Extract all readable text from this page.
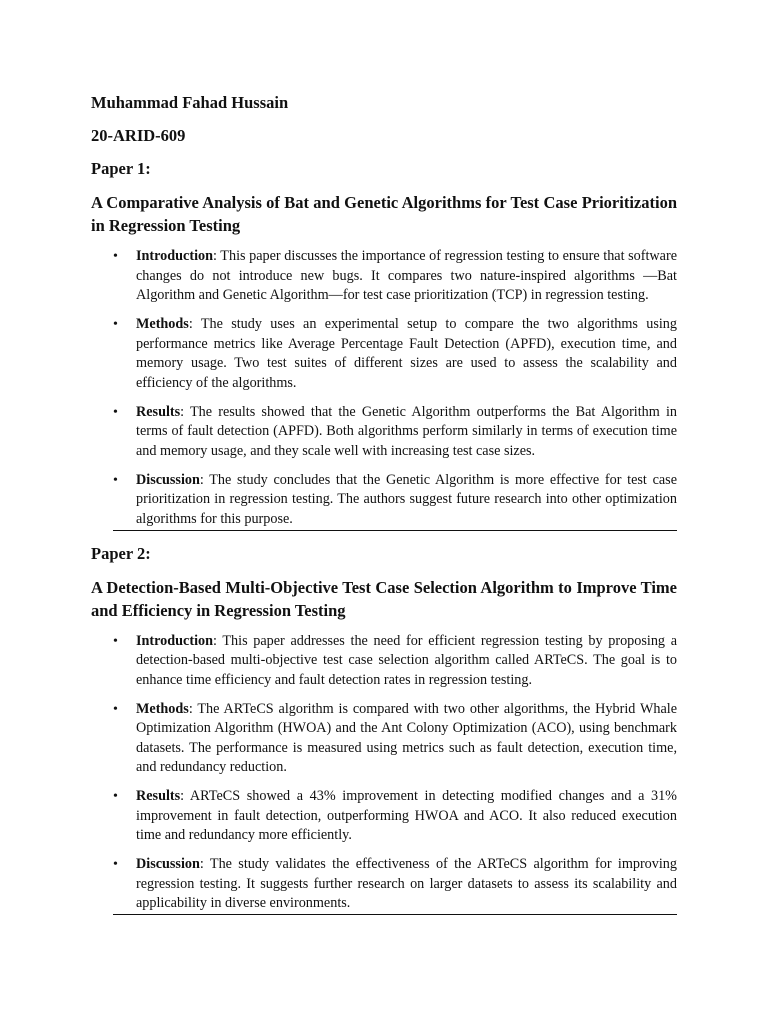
Muhammad Fahad Hussain

20-ARID-609

Paper 1:

A Comparative Analysis of Bat and Genetic Algorithms for Test Case Prioritization in Regression Testing

• Introduction: This paper discusses the importance of regression testing to ensure that software changes do not introduce new bugs. It compares two nature-inspired algorithms —Bat Algorithm and Genetic Algorithm—for test case prioritization (TCP) in regression testing.
• Methods: The study uses an experimental setup to compare the two algorithms using performance metrics like Average Percentage Fault Detection (APFD), execution time, and memory usage. Two test suites of different sizes are used to assess the scalability and efficiency of the algorithms.
• Results: The results showed that the Genetic Algorithm outperforms the Bat Algorithm in terms of fault detection (APFD). Both algorithms perform similarly in terms of execution time and memory usage, and they scale well with increasing test case sizes.
• Discussion: The study concludes that the Genetic Algorithm is more effective for test case prioritization in regression testing. The authors suggest future research into other optimization algorithms for this purpose.

Paper 2:

A Detection-Based Multi-Objective Test Case Selection Algorithm to Improve Time and Efficiency in Regression Testing

• Introduction: This paper addresses the need for efficient regression testing by proposing a detection-based multi-objective test case selection algorithm called ARTeCS. The goal is to enhance time efficiency and fault detection rates in regression testing.
• Methods: The ARTeCS algorithm is compared with two other algorithms, the Hybrid Whale Optimization Algorithm (HWOA) and the Ant Colony Optimization (ACO), using benchmark datasets. The performance is measured using metrics such as fault detection, execution time, and redundancy reduction.
• Results: ARTeCS showed a 43% improvement in detecting modified changes and a 31% improvement in fault detection, outperforming HWOA and ACO. It also reduced execution time and redundancy more efficiently.
• Discussion: The study validates the effectiveness of the ARTeCS algorithm for improving regression testing. It suggests further research on larger datasets to assess its scalability and applicability in diverse environments.
